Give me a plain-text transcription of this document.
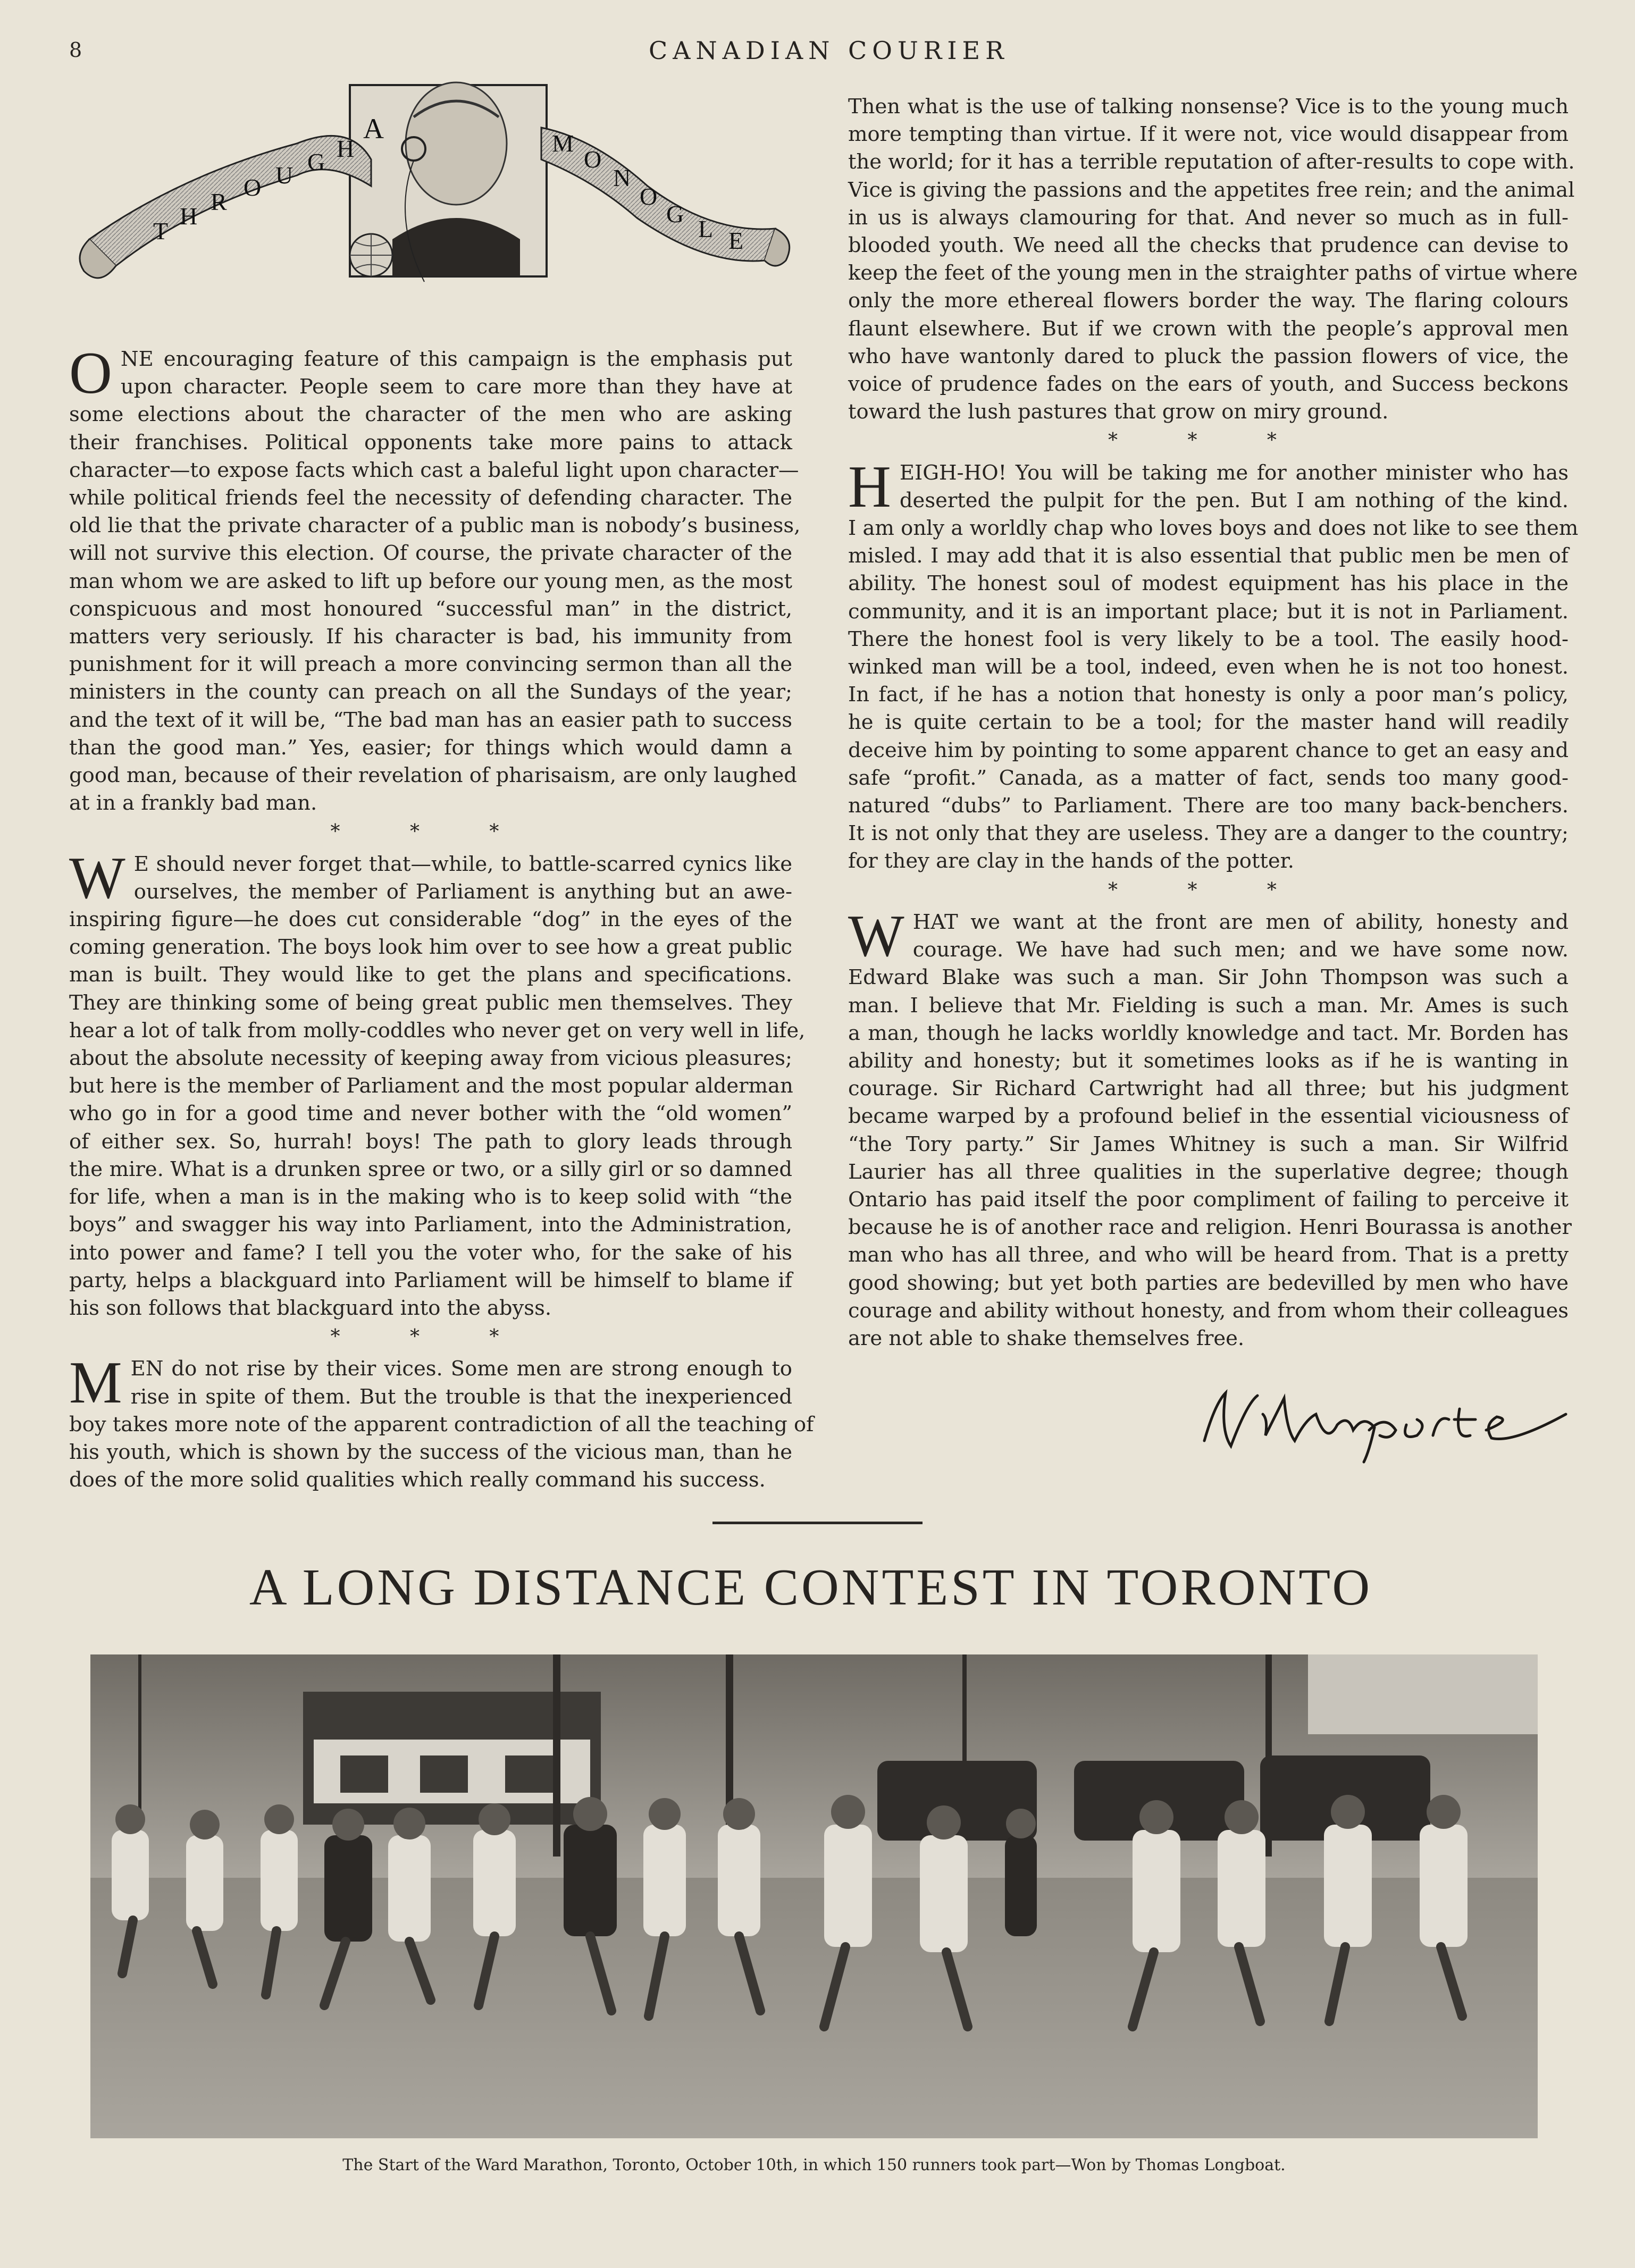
8	CANADIAN COURIER
T
H
R
O U G H
A	M
O
N
O
G
L E

O NE encouraging feature of this campaign is the emphasis put
upon character. People seem to care more than they have at
some elections about the character of the men who are asking
their franchises. Political opponents take more pains to attack
character—to expose facts which cast a baleful light upon character—
while political friends feel the necessity of defending character. The
old lie that the private character of a public man is nobody’s business,
will not survive this election. Of course, the private character of the
man whom we are asked to lift up before our young men, as the most
conspicuous and most honoured “successful man” in the district,
matters very seriously. If his character is bad, his immunity from
punishment for it will preach a more convincing sermon than all the
ministers in the county can preach on all the Sundays of the year;
and the text of it will be, “The bad man has an easier path to success
than the good man.” Yes, easier; for things which would damn a
good man, because of their revelation of pharisaism, are only laughed
at in a frankly bad man.

* * *

W E should never forget that—while, to battle-scarred cynics like
ourselves, the member of Parliament is anything but an awe-
inspiring figure—he does cut considerable “dog” in the eyes of the
coming generation. The boys look him over to see how a great public
man is built. They would like to get the plans and specifications.
They are thinking some of being great public men themselves. They
hear a lot of talk from molly-coddles who never get on very well in life,
about the absolute necessity of keeping away from vicious pleasures;
but here is the member of Parliament and the most popular alderman
who go in for a good time and never bother with the “old women”
of either sex. So, hurrah! boys! The path to glory leads through
the mire. What is a drunken spree or two, or a silly girl or so damned
for life, when a man is in the making who is to keep solid with “the
boys” and swagger his way into Parliament, into the Administration,
into power and fame? I tell you the voter who, for the sake of his
party, helps a blackguard into Parliament will be himself to blame if
his son follows that blackguard into the abyss.

* * *

M EN do not rise by their vices. Some men are strong enough to
rise in spite of them. But the trouble is that the inexperienced
boy takes more note of the apparent contradiction of all the teaching of
his youth, which is shown by the success of the vicious man, than he
does of the more solid qualities which really command his success.

Then what is the use of talking nonsense? Vice is to the young much
more tempting than virtue. If it were not, vice would disappear from
the world; for it has a terrible reputation of after-results to cope with.
Vice is giving the passions and the appetites free rein; and the animal
in us is always clamouring for that. And never so much as in full-
blooded youth. We need all the checks that prudence can devise to
keep the feet of the young men in the straighter paths of virtue where
only the more ethereal flowers border the way. The flaring colours
flaunt elsewhere. But if we crown with the people’s approval men
who have wantonly dared to pluck the passion flowers of vice, the
voice of prudence fades on the ears of youth, and Success beckons
toward the lush pastures that grow on miry ground.

* * *

H EIGH-HO! You will be taking me for another minister who has
deserted the pulpit for the pen. But I am nothing of the kind.
I am only a worldly chap who loves boys and does not like to see them
misled. I may add that it is also essential that public men be men of
ability. The honest soul of modest equipment has his place in the
community, and it is an important place; but it is not in Parliament.
There the honest fool is very likely to be a tool. The easily hood-
winked man will be a tool, indeed, even when he is not too honest.
In fact, if he has a notion that honesty is only a poor man’s policy,
he is quite certain to be a tool; for the master hand will readily
deceive him by pointing to some apparent chance to get an easy and
safe “profit.” Canada, as a matter of fact, sends too many good-
natured “dubs” to Parliament. There are too many back-benchers.
It is not only that they are useless. They are a danger to the country;
for they are clay in the hands of the potter.

* * *

W HAT we want at the front are men of ability, honesty and
courage. We have had such men; and we have some now.
Edward Blake was such a man. Sir John Thompson was such a
man. I believe that Mr. Fielding is such a man. Mr. Ames is such
a man, though he lacks worldly knowledge and tact. Mr. Borden has
ability and honesty; but it sometimes looks as if he is wanting in
courage. Sir Richard Cartwright had all three; but his judgment
became warped by a profound belief in the essential viciousness of
“the Tory party.” Sir James Whitney is such a man. Sir Wilfrid
Laurier has all three qualities in the superlative degree; though
Ontario has paid itself the poor compliment of failing to perceive it
because he is of another race and religion. Henri Bourassa is another
man who has all three, and who will be heard from. That is a pretty
good showing; but yet both parties are bedevilled by men who have
courage and ability without honesty, and from whom their colleagues
are not able to shake themselves free.

A LONG DISTANCE CONTEST IN TORONTO
The Start of the Ward Marathon, Toronto, October 10th, in which 150 runners took part—Won by Thomas Longboat.
